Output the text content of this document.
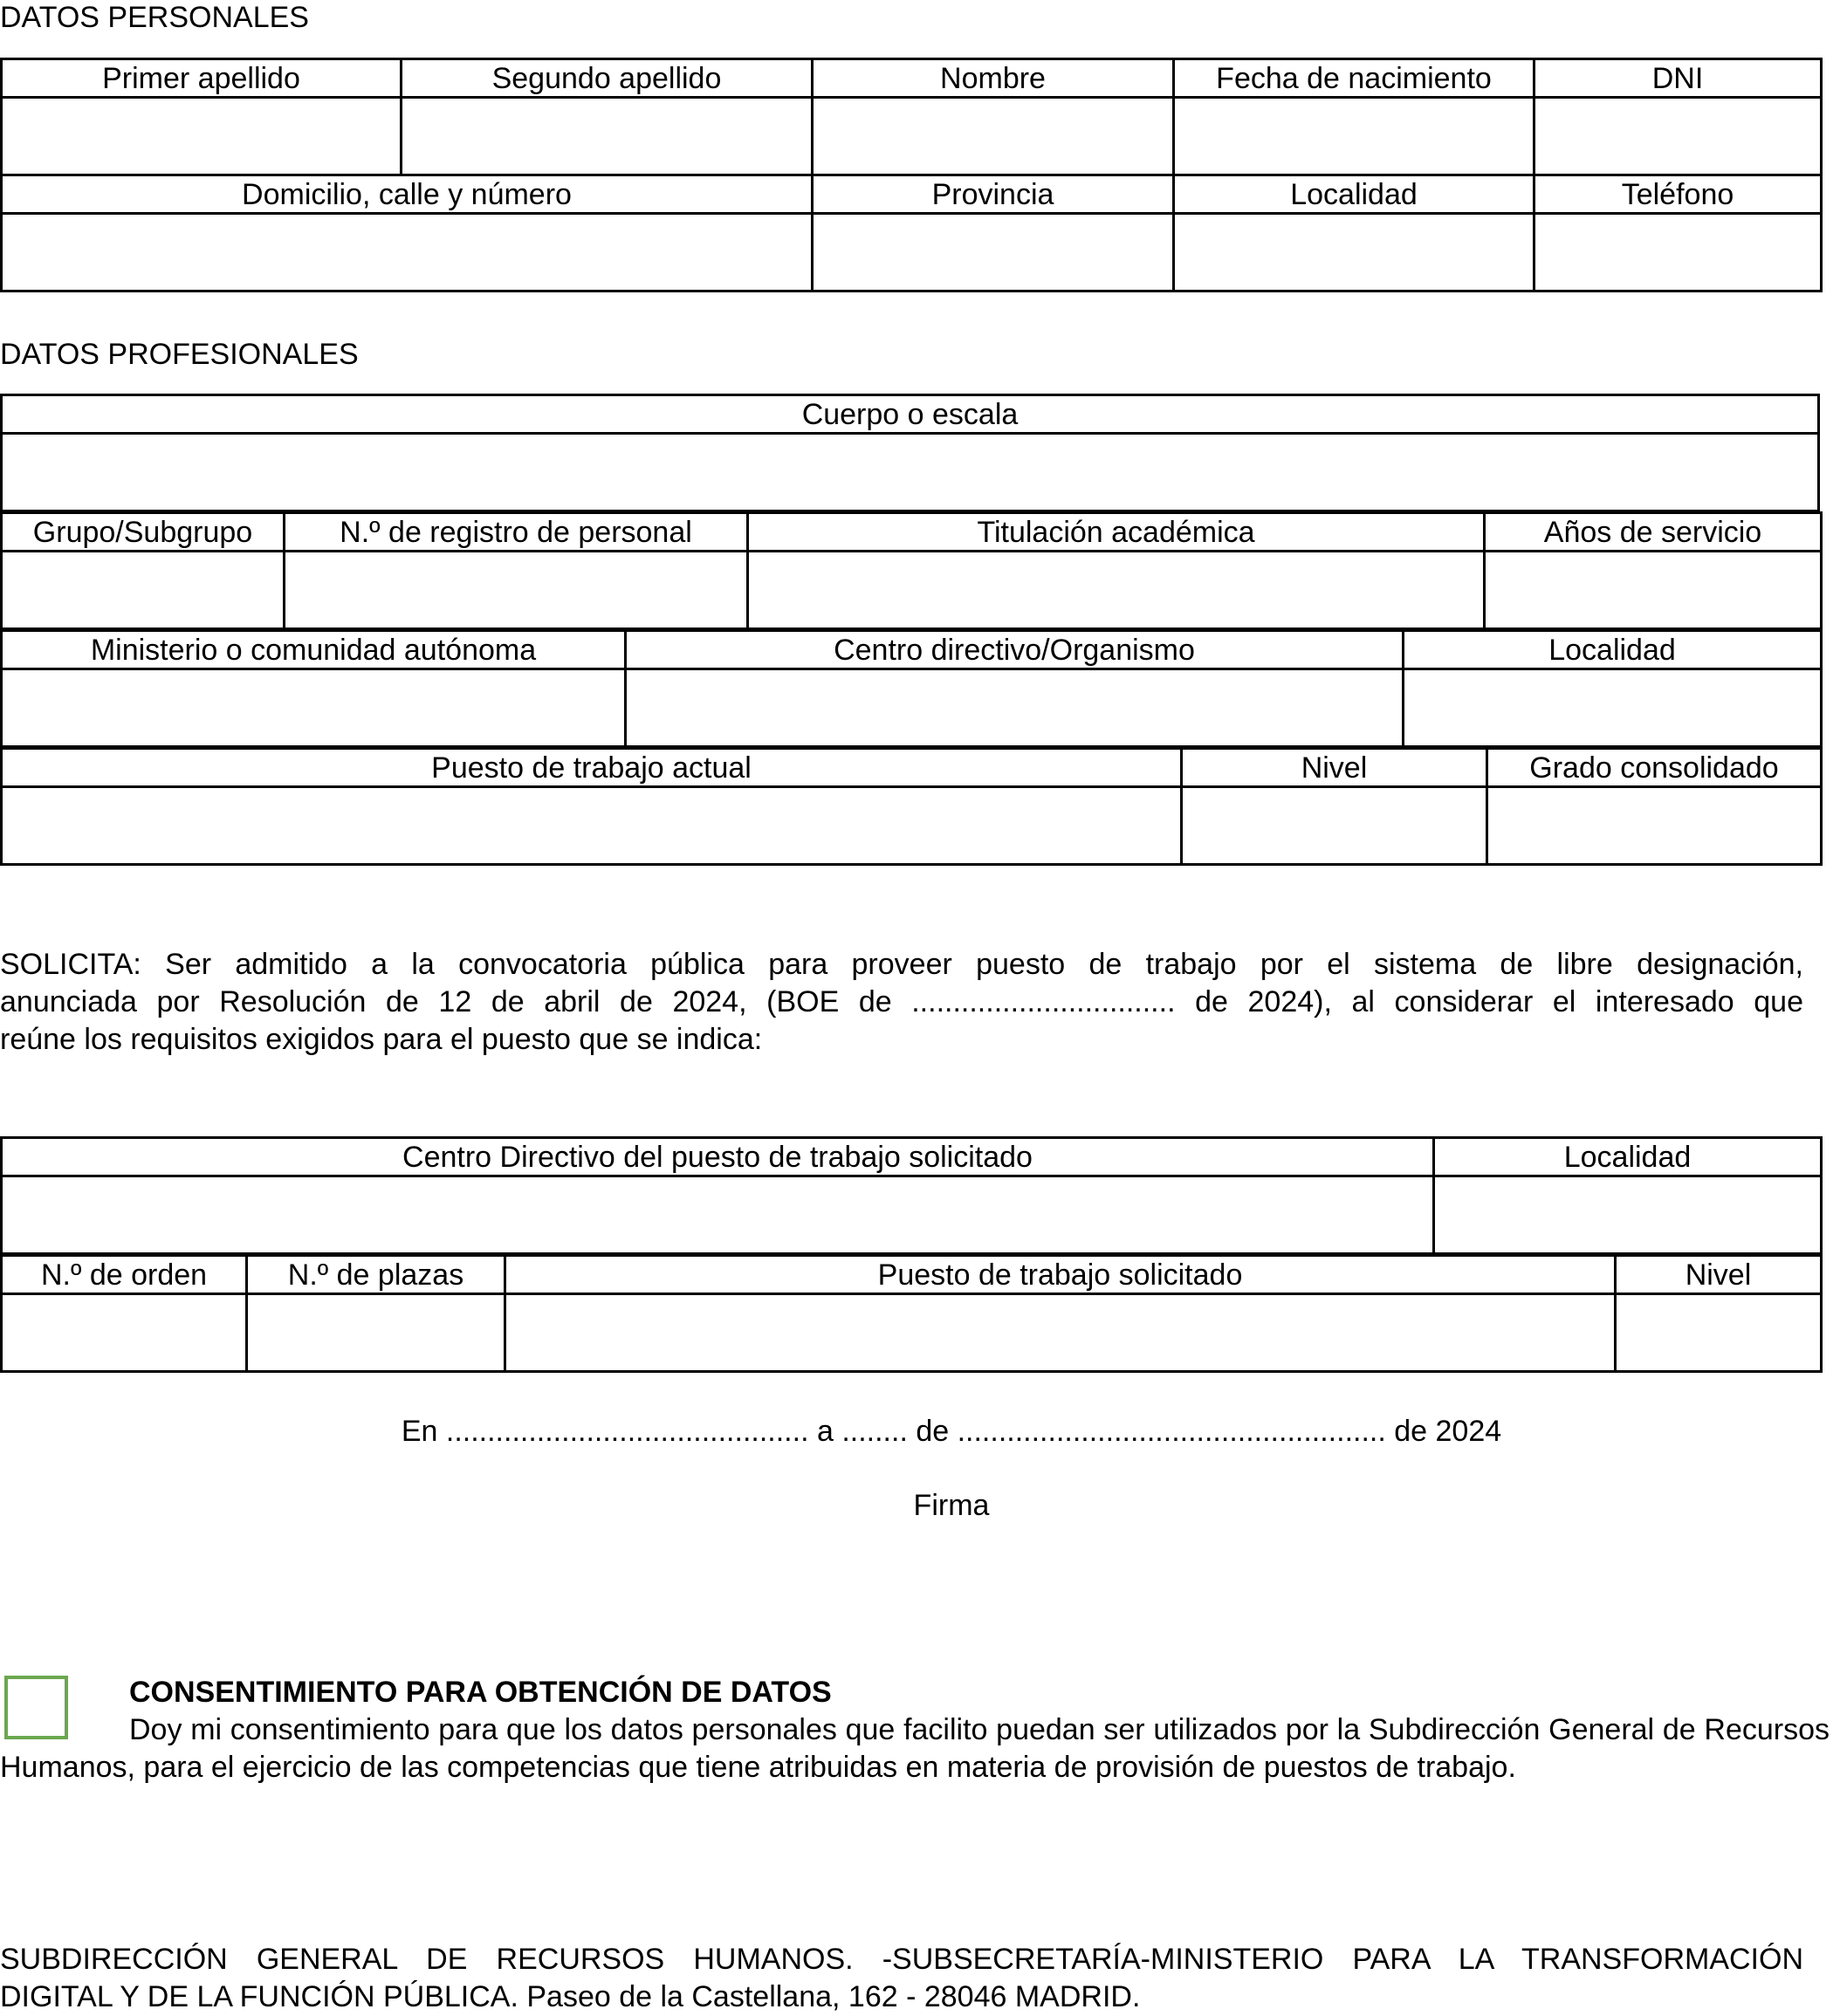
DATOS PERSONALES
Primer apellido	Segundo apellido	Nombre	Fecha de nacimiento	DNI

Domicilio, calle y número		Provincia	Localidad	Teléfono

DATOS PROFESIONALES
Cuerpo o escala

Grupo/Subgrupo	N.º de registro de personal	Titulación académica	Años de servicio

Ministerio o comunidad autónoma	Centro directivo/Organismo	Localidad

Puesto de trabajo actual	Nivel	Grado consolidado

SOLICITA: Ser admitido a la convocatoria pública para proveer puesto de trabajo por el sistema de libre designación,
anunciada por Resolución de 12 de abril de 2024, (BOE de ................................ de 2024), al considerar el interesado que
reúne los requisitos exigidos para el puesto que se indica:
Centro Directivo del puesto de trabajo solicitado	Localidad

N.º de orden	N.º de plazas	Puesto de trabajo solicitado	Nivel

En ............................................ a ........ de .................................................... de 2024
Firma
CONSENTIMIENTO PARA OBTENCIÓN DE DATOS
Doy mi consentimiento para que los datos personales que facilito puedan ser utilizados por la Subdirección General de Recursos Humanos, para el ejercicio de las competencias que tiene atribuidas en materia de provisión de puestos de trabajo.
SUBDIRECCIÓN GENERAL DE RECURSOS HUMANOS. -SUBSECRETARÍA-MINISTERIO PARA LA TRANSFORMACIÓN
DIGITAL Y DE LA FUNCIÓN PÚBLICA. Paseo de la Castellana, 162 - 28046 MADRID.
